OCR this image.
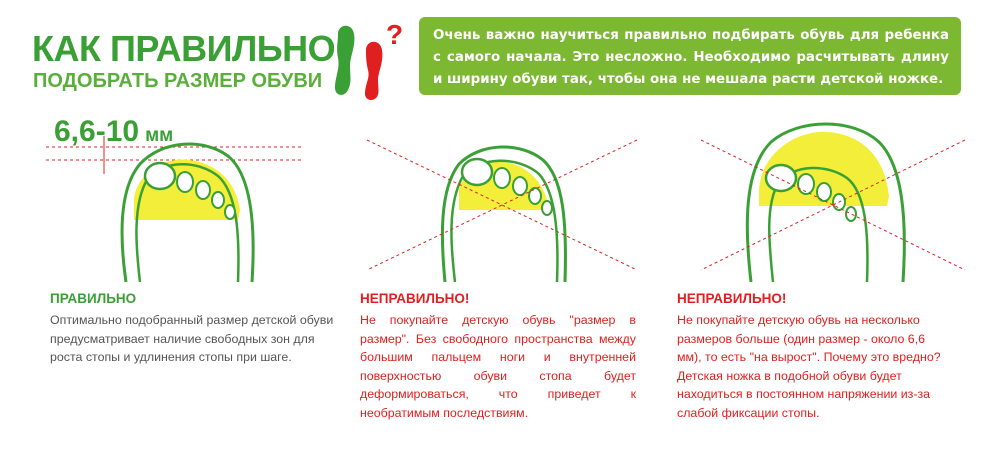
КАК ПРАВИЛЬНО
ПОДОБРАТЬ РАЗМЕР ОБУВИ
?	Очень важно научиться правильно подбирать обувь для ребенка с самого начала. Это несложно. Необходимо расчитывать длину и ширину обуви так, чтобы она не мешала расти детской ножке.
6,6-10 мм
ПРАВИЛЬНО

Оптимально подобранный размер детской обуви предусматривает наличие свободных зон для роста стопы и удлинения стопы при шаге.

НЕПРАВИЛЬНО!

Не покупайте детскую обувь "размер в размер". Без свободного пространства между большим пальцем ноги и внутренней поверхностью обуви стопа будет деформироваться, что приведет к необратимым последствиям.

НЕПРАВИЛЬНО!

Не покупайте детскую обувь на несколько размеров больше (один размер - около 6,6 мм), то есть "на вырост". Почему это вредно? Детская ножка в подобной обуви будет находиться в постоянном напряжении из-за слабой фиксации стопы.
